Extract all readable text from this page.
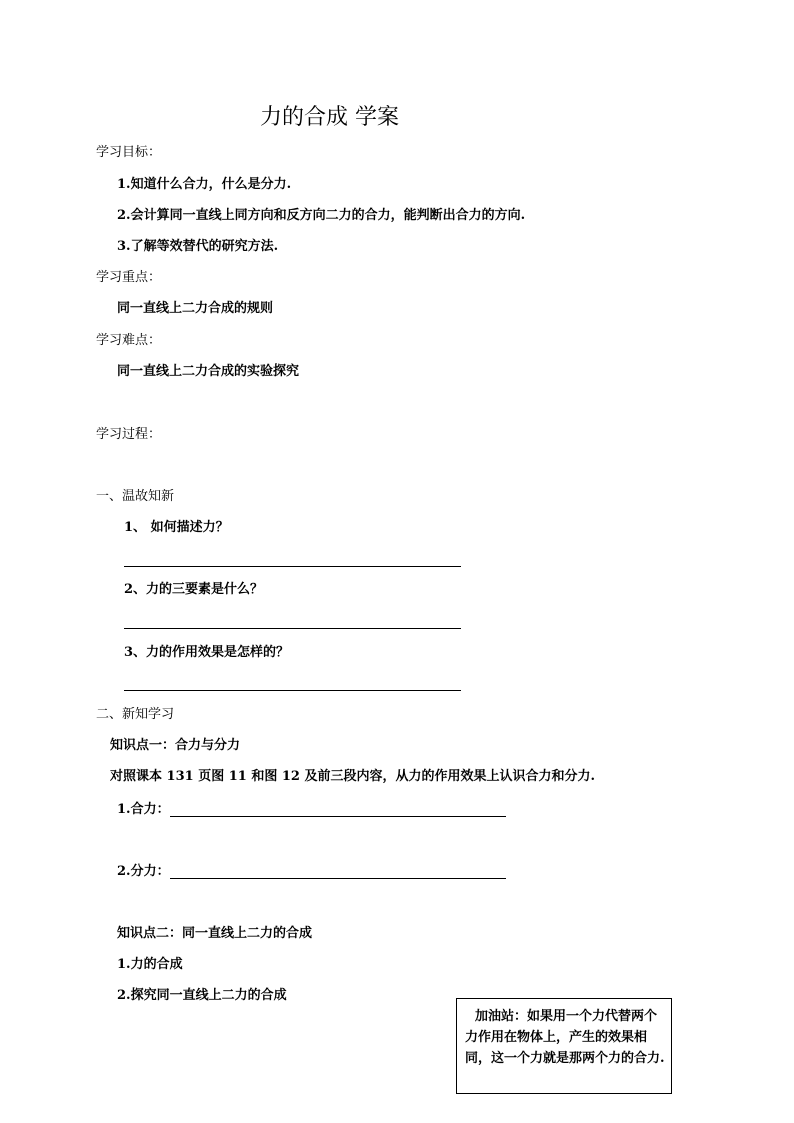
力的合成 学案
学习目标：
1.知道什么合力，什么是分力.
2.会计算同一直线上同方向和反方向二力的合力，能判断出合力的方向.
3.了解等效替代的研究方法.
学习重点：
同一直线上二力合成的规则
学习难点：
同一直线上二力合成的实验探究
学习过程：
一、温故知新
1、 如何描述力？
2、力的三要素是什么？
3、力的作用效果是怎样的？
二、新知学习
知识点一：合力与分力
对照课本 131 页图 11 和图 12 及前三段内容，从力的作用效果上认识合力和分力.
1.合力：
2.分力：
知识点二：同一直线上二力的合成
1.力的合成
2.探究同一直线上二力的合成
加油站：如果用一个力代替两个力作用在物体上，产生的效果相同，这一个力就是那两个力的合力.
